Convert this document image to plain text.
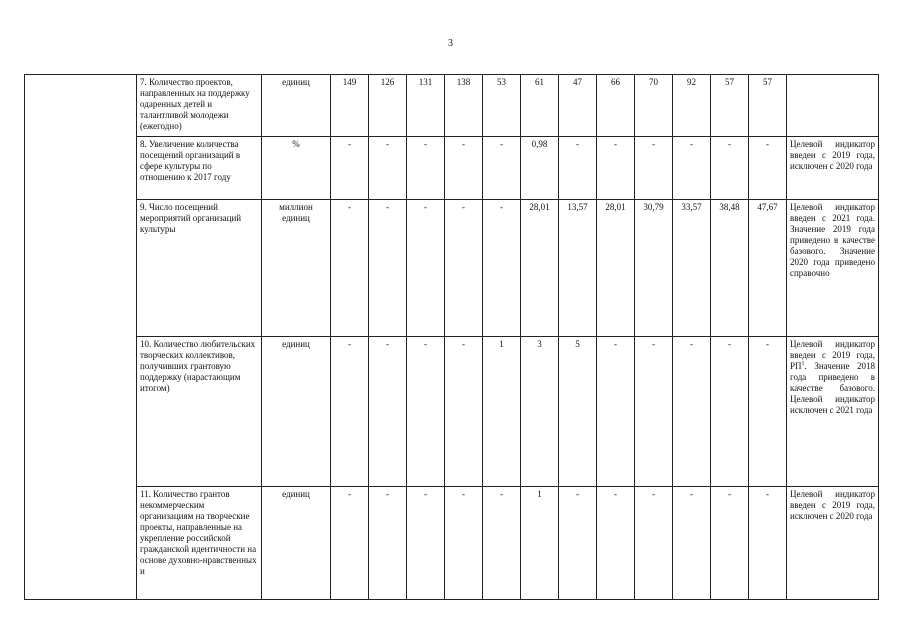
3
	7. Количество проектов, направленных на поддержку одаренных детей и талантливой молодежи (ежегодно)	единиц	149	126	131	138	53	61	47	66	70	92	57	57	
	8. Увеличение количества посещений организаций в сфере культуры по отношению к 2017 году	%	-	-	-	-	-	0,98	-	-	-	-	-	-	Целевой индикатор введен с 2019 года, исключен с 2020 года
	9. Число посещений мероприятий организаций культуры	миллион единиц	-	-	-	-	-	28,01	13,57	28,01	30,79	33,57	38,48	47,67	Целевой индикатор введен с 2021 года. Значение 2019 года приведено в качестве базового. Значение 2020 года приведено справочно
	10. Количество любительских творческих коллективов, получивших грантовую поддержку (нарастающим итогом)	единиц	-	-	-	-	1	3	5	-	-	-	-	-	Целевой индикатор введен с 2019 года, $РП^1$. Значение 2018 года приведено в качестве базового. Целевой индикатор исключен с 2021 года
	11. Количество грантов некоммерческим организациям на творческие проекты, направленные на укрепление российской гражданской идентичности на основе духовно-нравственных и	единиц	-	-	-	-	-	1	-	-	-	-	-	-	Целевой индикатор введен с 2019 года, исключен с 2020 года
